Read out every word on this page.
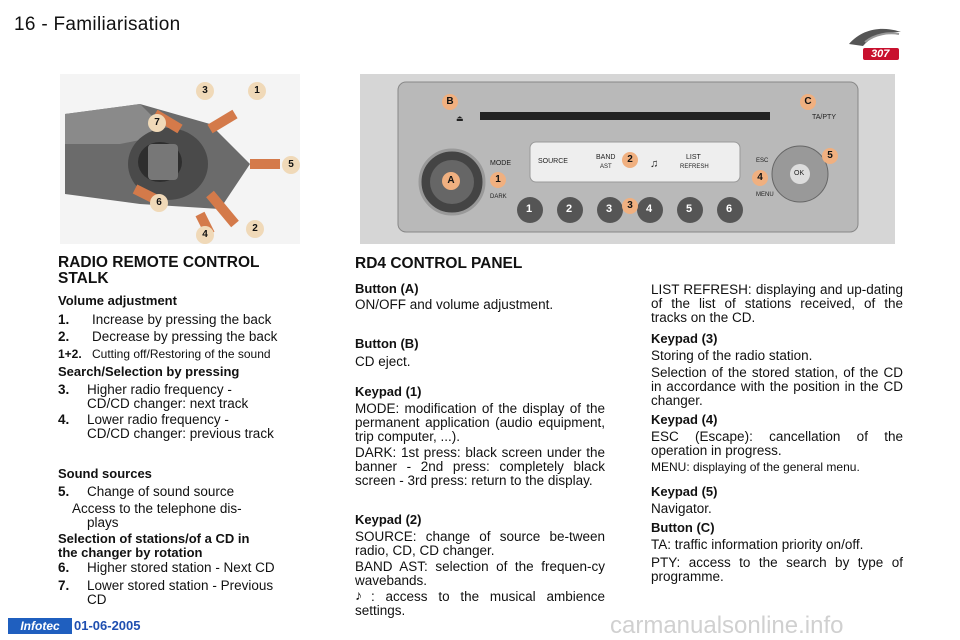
16 - Familiarisation
307
3	1
7
5
6
4
2
MODE
DARK
SOURCE
BAND
AST
LIST
REFRESH
ESC
MENU
OK
TA/PTY
⏏
♫
1	2	3	4	5	6
B	C
A	1
2
4
5
3
RADIO REMOTE CONTROL STALK
Volume adjustment
1. Increase by pressing the back
2. Decrease by pressing the back
1+2. Cutting off/Restoring of the sound
Search/Selection by pressing
3. Higher radio frequency -
CD/CD changer: next track
4. Lower radio frequency -
CD/CD changer: previous track
Sound sources
5. Change of sound source
Access to the telephone dis-
plays
Selection of stations/of a CD in
the changer by rotation
6. Higher stored station - Next CD
7. Lower stored station - Previous
CD
RD4 CONTROL PANEL
Button (A)
ON/OFF and volume adjustment.
Button (B)
CD eject.
Keypad (1)
MODE: modification of the display of the permanent application (audio equipment, trip computer, ...).
DARK: 1st press: black screen under the banner - 2nd press: completely black screen - 3rd press: return to the display.
Keypad (2)
SOURCE: change of source be-tween radio, CD, CD changer.
BAND AST: selection of the frequen-cy wavebands.
♪ : access to the musical ambience settings.
LIST REFRESH: displaying and up-dating of the list of stations received, of the tracks on the CD.
Keypad (3)
Storing of the radio station.
Selection of the stored station, of the CD in accordance with the position in the CD changer.
Keypad (4)
ESC (Escape): cancellation of the operation in progress.
MENU: displaying of the general menu.
Keypad (5)
Navigator.
Button (C)
TA: traffic information priority on/off.
PTY: access to the search by type of programme.
Infotec	01-06-2005	carmanualsonline.info
